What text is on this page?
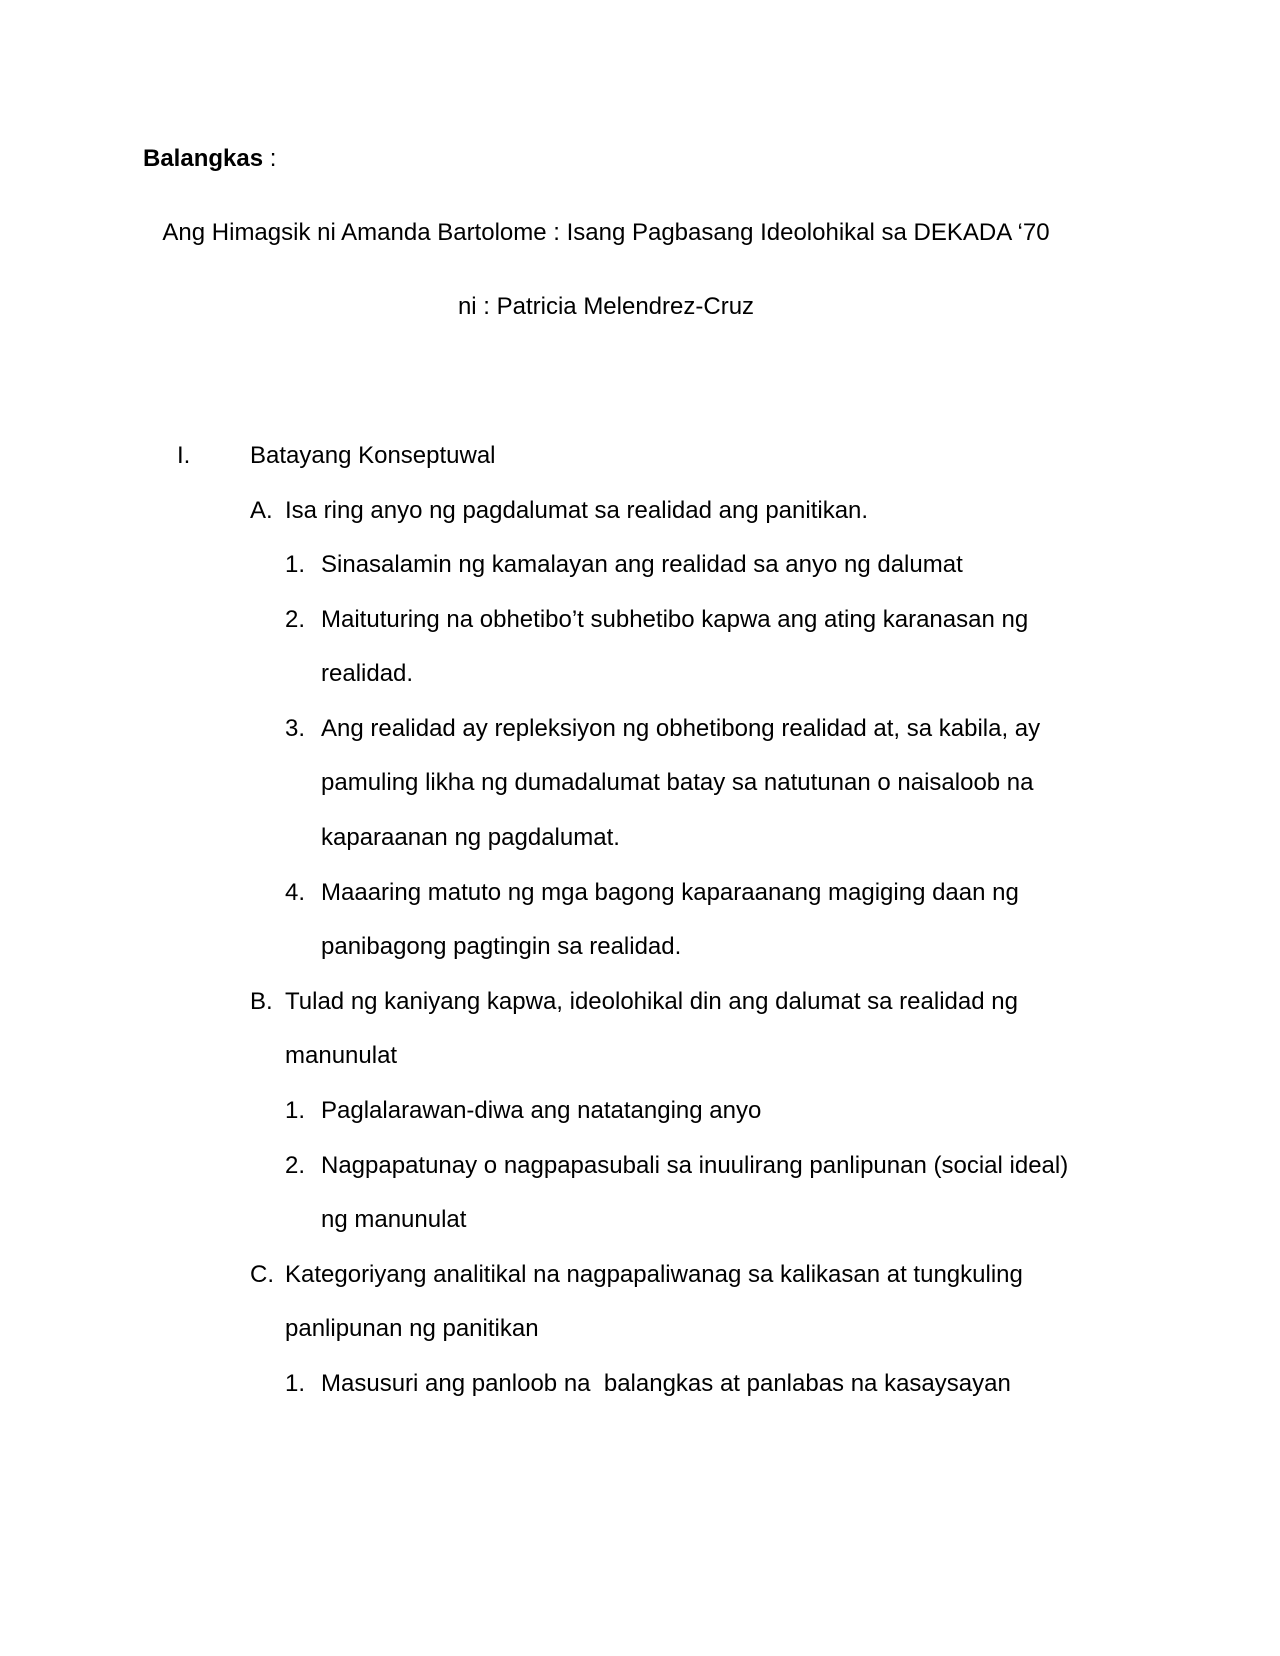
Balangkas :
Ang Himagsik ni Amanda Bartolome : Isang Pagbasang Ideolohikal sa DEKADA ‘70
ni : Patricia Melendrez-Cruz
I. Batayang Konseptuwal
A. Isa ring anyo ng pagdalumat sa realidad ang panitikan.
1. Sinasalamin ng kamalayan ang realidad sa anyo ng dalumat
2. Maituturing na obhetibo’t subhetibo kapwa ang ating karanasan ng
realidad.
3. Ang realidad ay repleksiyon ng obhetibong realidad at, sa kabila, ay
pamuling likha ng dumadalumat batay sa natutunan o naisaloob na
kaparaanan ng pagdalumat.
4. Maaaring matuto ng mga bagong kaparaanang magiging daan ng
panibagong pagtingin sa realidad.
B. Tulad ng kaniyang kapwa, ideolohikal din ang dalumat sa realidad ng
manunulat
1. Paglalarawan-diwa ang natatanging anyo
2. Nagpapatunay o nagpapasubali sa inuulirang panlipunan (social ideal)
ng manunulat
C. Kategoriyang analitikal na nagpapaliwanag sa kalikasan at tungkuling
panlipunan ng panitikan
1. Masusuri ang panloob na  balangkas at panlabas na kasaysayan
